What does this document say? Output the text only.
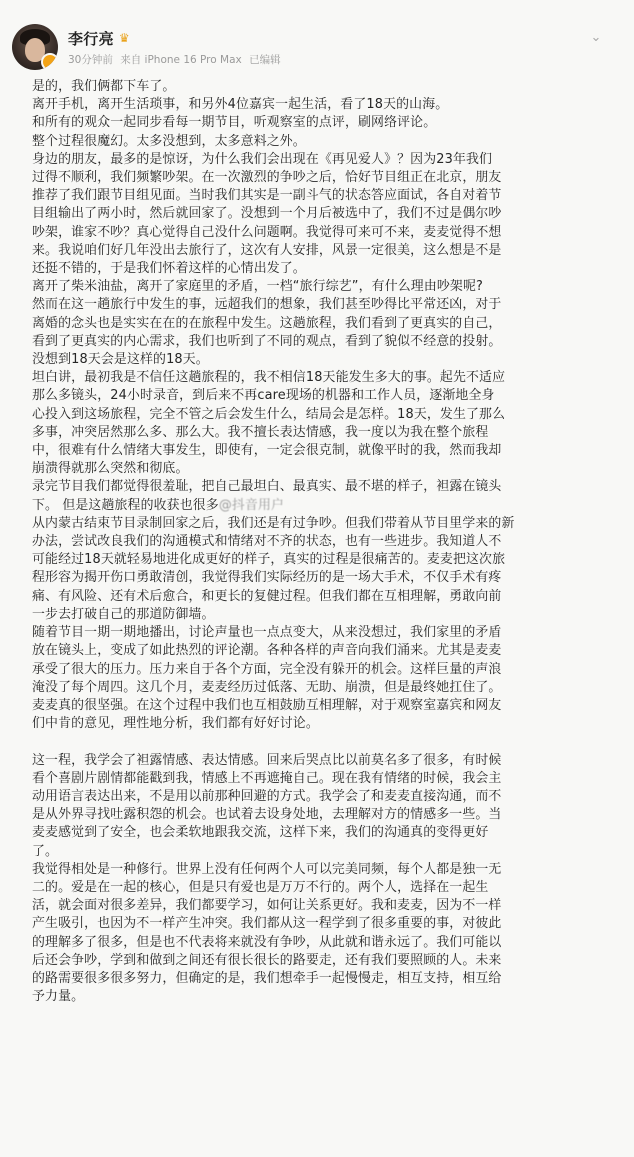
李行亮 ♛
30分钟前 来自 iPhone 16 Pro Max 已编辑
⌄

是的，我们俩都下车了。

离开手机，离开生活琐事，和另外4位嘉宾一起生活，看了18天的山海。

和所有的观众一起同步看每一期节目，听观察室的点评，刷网络评论。

整个过程很魔幻。太多没想到，太多意料之外。

身边的朋友，最多的是惊讶，为什么我们会出现在《再见爱人》？因为23年我们

过得不顺利，我们频繁吵架。在一次激烈的争吵之后，恰好节目组正在北京，朋友

推荐了我们跟节目组见面。当时我们其实是一副斗气的状态答应面试，各自对着节

目组输出了两小时，然后就回家了。没想到一个月后被选中了，我们不过是偶尔吵

吵架，谁家不吵？真心觉得自己没什么问题啊。我觉得可来可不来，麦麦觉得不想

来。我说咱们好几年没出去旅行了，这次有人安排，风景一定很美，这么想是不是

还挺不错的，于是我们怀着这样的心情出发了。

离开了柴米油盐，离开了家庭里的矛盾，一档“旅行综艺”，有什么理由吵架呢?

然而在这一趟旅行中发生的事，远超我们的想象，我们甚至吵得比平常还凶，对于

离婚的念头也是实实在在的在旅程中发生。这趟旅程，我们看到了更真实的自己，

看到了更真实的内心需求，我们也听到了不同的观点，看到了貌似不经意的投射。

没想到18天会是这样的18天。

坦白讲，最初我是不信任这趟旅程的，我不相信18天能发生多大的事。起先不适应

那么多镜头，24小时录音，到后来不再care现场的机器和工作人员，逐渐地全身

心投入到这场旅程，完全不管之后会发生什么，结局会是怎样。18天，发生了那么

多事，冲突居然那么多、那么大。我不擅长表达情感，我一度以为我在整个旅程

中，很难有什么情绪大事发生，即使有，一定会很克制，就像平时的我，然而我却

崩溃得就那么突然和彻底。

录完节目我们都觉得很羞耻，把自己最坦白、最真实、最不堪的样子，袒露在镜头

下。 但是这趟旅程的收获也很多@抖音用户

从内蒙古结束节目录制回家之后，我们还是有过争吵。但我们带着从节目里学来的新

办法，尝试改良我们的沟通模式和情绪对不齐的状态，也有一些进步。我知道人不

可能经过18天就轻易地进化成更好的样子，真实的过程是很痛苦的。麦麦把这次旅

程形容为揭开伤口勇敢清创，我觉得我们实际经历的是一场大手术，不仅手术有疼

痛、有风险、还有术后愈合，和更长的复健过程。但我们都在互相理解，勇敢向前

一步去打破自己的那道防御墙。

随着节目一期一期地播出，讨论声量也一点点变大，从来没想过，我们家里的矛盾

放在镜头上，变成了如此热烈的评论潮。各种各样的声音向我们涌来。尤其是麦麦

承受了很大的压力。压力来自于各个方面，完全没有躲开的机会。这样巨量的声浪

淹没了每个周四。这几个月，麦麦经历过低落、无助、崩溃，但是最终她扛住了。

麦麦真的很坚强。在这个过程中我们也互相鼓励互相理解，对于观察室嘉宾和网友

们中肯的意见，理性地分析，我们都有好好讨论。

这一程，我学会了袒露情感、表达情感。回来后哭点比以前莫名多了很多，有时候

看个喜剧片剧情都能戳到我，情感上不再遮掩自己。现在我有情绪的时候，我会主

动用语言表达出来，不是用以前那种回避的方式。我学会了和麦麦直接沟通，而不

是从外界寻找吐露积怨的机会。也试着去设身处地，去理解对方的情感多一些。当

麦麦感觉到了安全，也会柔软地跟我交流，这样下来，我们的沟通真的变得更好

了。

我觉得相处是一种修行。世界上没有任何两个人可以完美同频，每个人都是独一无

二的。爱是在一起的核心，但是只有爱也是万万不行的。两个人，选择在一起生

活，就会面对很多差异，我们都要学习，如何让关系更好。我和麦麦，因为不一样

产生吸引，也因为不一样产生冲突。我们都从这一程学到了很多重要的事，对彼此

的理解多了很多，但是也不代表将来就没有争吵，从此就和谐永远了。我们可能以

后还会争吵，学到和做到之间还有很长很长的路要走，还有我们要照顾的人。未来

的路需要很多很多努力，但确定的是，我们想牵手一起慢慢走，相互支持，相互给

予力量。
